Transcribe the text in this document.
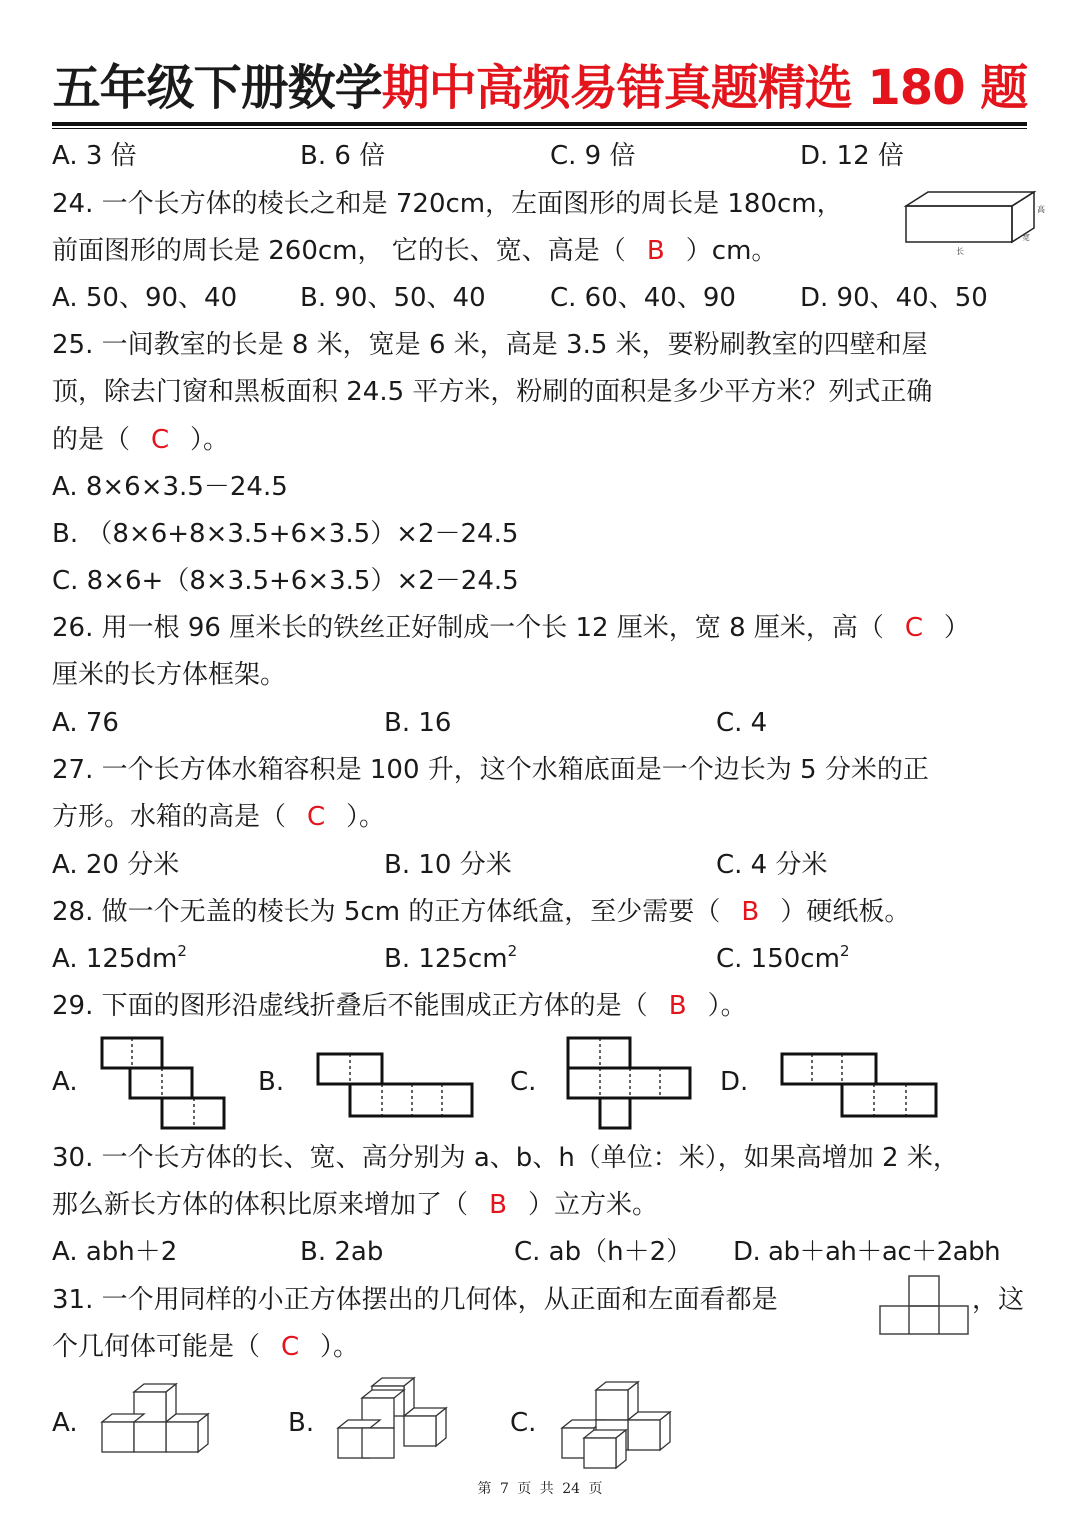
五年级下册数学期中高频易错真题精选 180 题
A. 3 倍	B. 6 倍	C. 9 倍	D. 12 倍
24. 一个长方体的棱长之和是 720cm，左面图形的周长是 180cm，
前面图形的周长是 260cm， 它的长、宽、高是（ B ）cm。
高
宽
长
A. 50、90、40 B. 90、50、40 C. 60、40、90 D. 90、40、50
25. 一间教室的长是 8 米，宽是 6 米，高是 3.5 米，要粉刷教室的四壁和屋
顶，除去门窗和黑板面积 24.5 平方米，粉刷的面积是多少平方米？列式正确
的是（ C ）。
A. 8×6×3.5－24.5
B. （8×6+8×3.5+6×3.5）×2－24.5
C. 8×6+（8×3.5+6×3.5）×2－24.5
26. 用一根 96 厘米长的铁丝正好制成一个长 12 厘米，宽 8 厘米，高（ C ）
厘米的长方体框架。
A. 76	B. 16	C. 4
27. 一个长方体水箱容积是 100 升，这个水箱底面是一个边长为 5 分米的正
方形。水箱的高是（ C ）。
A. 20 分米	B. 10 分米	C. 4 分米
28. 做一个无盖的棱长为 5cm 的正方体纸盒，至少需要（ B ）硬纸板。
A. $125dm^2$	B. $125cm^2$	C. $150cm^2$
29. 下面的图形沿虚线折叠后不能围成正方体的是（ B ）。
A.	B.	C.	D.
30. 一个长方体的长、宽、高分别为 a、b、h（单位：米），如果高增加 2 米，
那么新长方体的体积比原来增加了（ B ）立方米。
A. abh＋2	B. 2ab	C. ab（h＋2） D. ab＋ah＋ac＋2abh
31. 一个用同样的小正方体摆出的几何体，从正面和左面看都是	，这
个几何体可能是（ C ）。
A.	B.	C.
第 7 页 共 24 页
